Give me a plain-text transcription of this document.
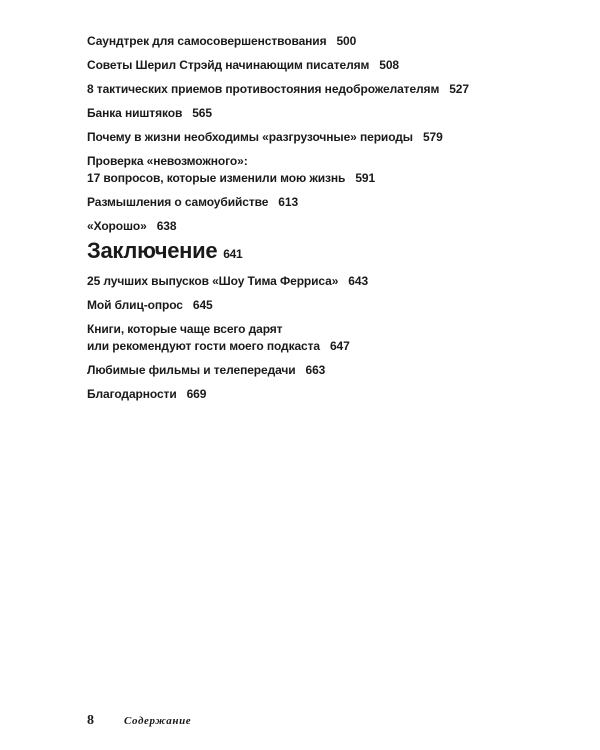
Саундтрек для самосовершенствования 500
Советы Шерил Стрэйд начинающим писателям 508
8 тактических приемов противостояния недоброжелателям 527
Банка ништяков 565
Почему в жизни необходимы «разгрузочные» периоды 579
Проверка «невозможного»:
17 вопросов, которые изменили мою жизнь 591
Размышления о самоубийстве 613
«Хорошо» 638
Заключение 641
25 лучших выпусков «Шоу Тима Ферриса» 643
Мой блиц-опрос 645
Книги, которые чаще всего дарят
или рекомендуют гости моего подкаста 647
Любимые фильмы и телепередачи 663
Благодарности 669
8	Содержание
